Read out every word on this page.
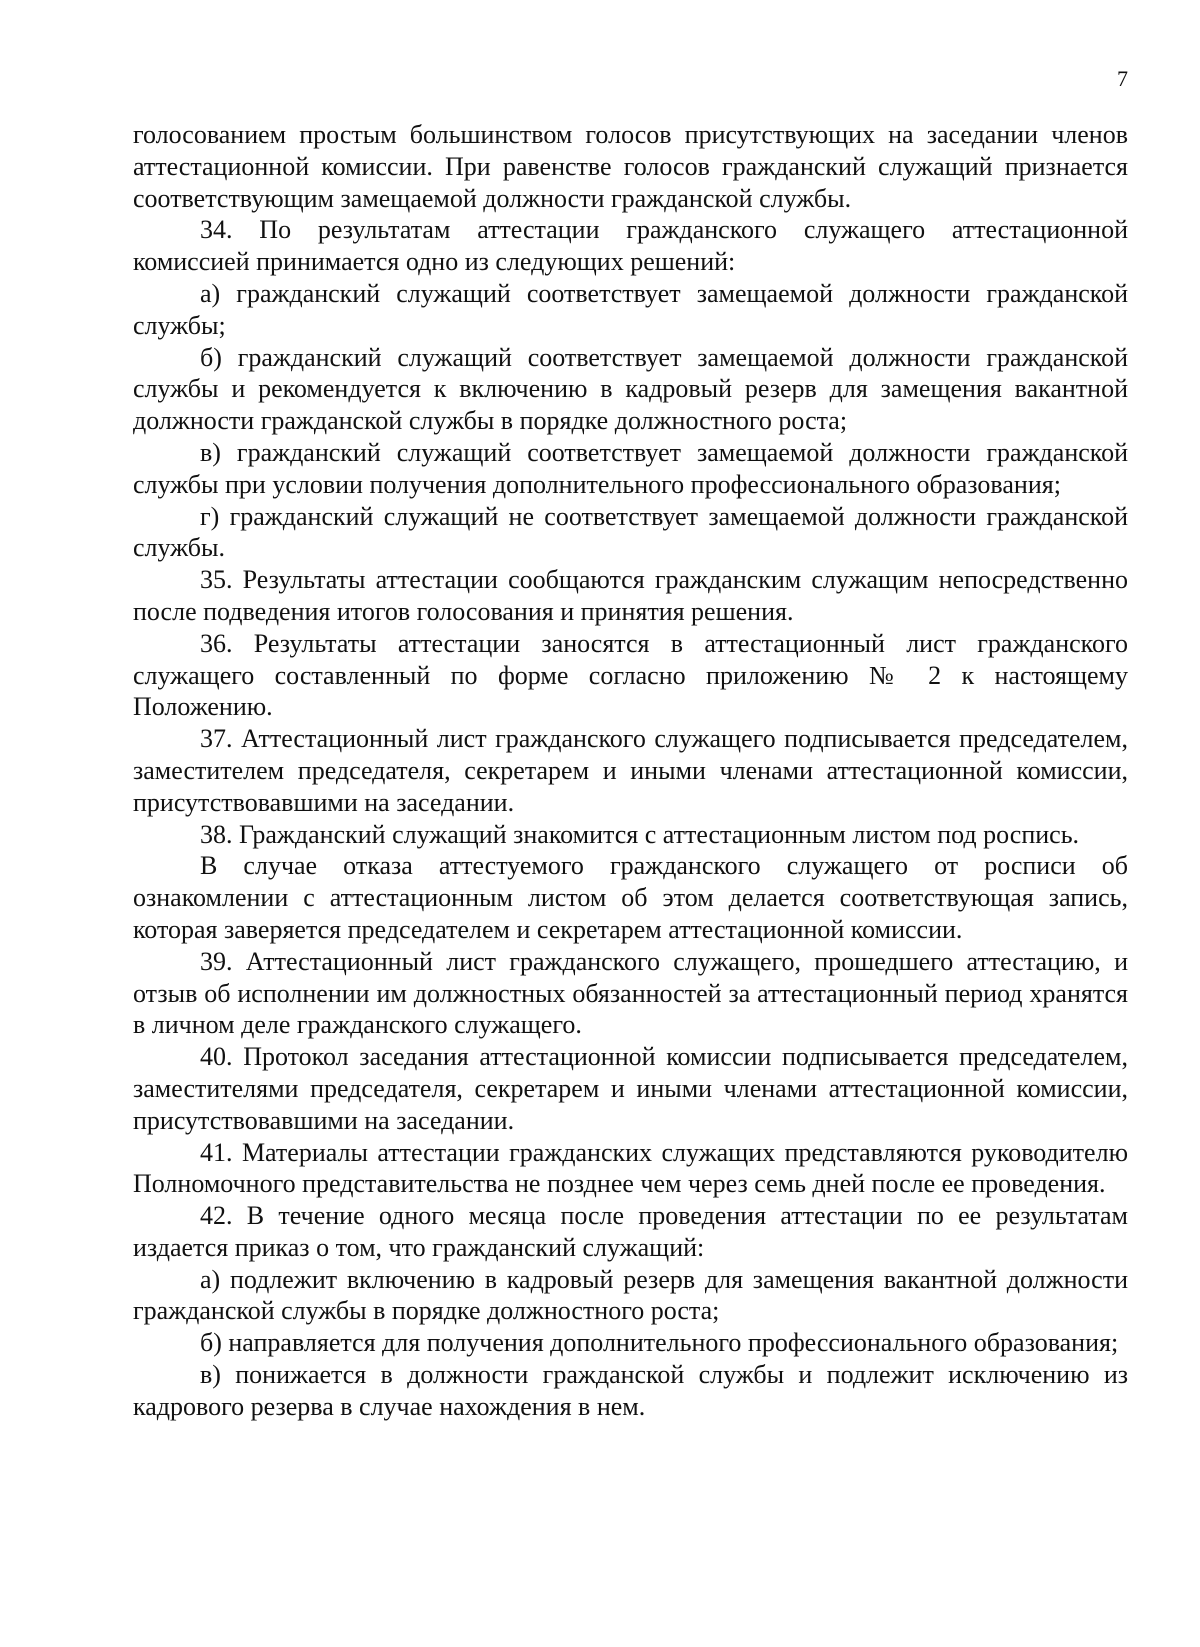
7

голосованием простым большинством голосов присутствующих на заседании членов аттестационной комиссии. При равенстве голосов гражданский служащий признается соответствующим замещаемой должности гражданской службы.

34. По результатам аттестации гражданского служащего аттестационной комиссией принимается одно из следующих решений:

а) гражданский служащий соответствует замещаемой должности гражданской службы;

б) гражданский служащий соответствует замещаемой должности гражданской службы и рекомендуется к включению в кадровый резерв для замещения вакантной должности гражданской службы в порядке должностного роста;

в) гражданский служащий соответствует замещаемой должности гражданской службы при условии получения дополнительного профессионального образования;

г) гражданский служащий не соответствует замещаемой должности гражданской службы.

35. Результаты аттестации сообщаются гражданским служащим непосредственно после подведения итогов голосования и принятия решения.

36. Результаты аттестации заносятся в аттестационный лист гражданского служащего составленный по форме согласно приложению № 2 к настоящему Положению.

37. Аттестационный лист гражданского служащего подписывается председателем, заместителем председателя, секретарем и иными членами аттестационной комиссии, присутствовавшими на заседании.

38. Гражданский служащий знакомится с аттестационным листом под роспись.

В случае отказа аттестуемого гражданского служащего от росписи об ознакомлении с аттестационным листом об этом делается соответствующая запись, которая заверяется председателем и секретарем аттестационной комиссии.

39. Аттестационный лист гражданского служащего, прошедшего аттестацию, и отзыв об исполнении им должностных обязанностей за аттестационный период хранятся в личном деле гражданского служащего.

40. Протокол заседания аттестационной комиссии подписывается председателем, заместителями председателя, секретарем и иными членами аттестационной комиссии, присутствовавшими на заседании.

41. Материалы аттестации гражданских служащих представляются руководителю Полномочного представительства не позднее чем через семь дней после ее проведения.

42. В течение одного месяца после проведения аттестации по ее результатам издается приказ о том, что гражданский служащий:

а) подлежит включению в кадровый резерв для замещения вакантной должности гражданской службы в порядке должностного роста;

б) направляется для получения дополнительного профессионального образования;

в) понижается в должности гражданской службы и подлежит исключению из кадрового резерва в случае нахождения в нем.
